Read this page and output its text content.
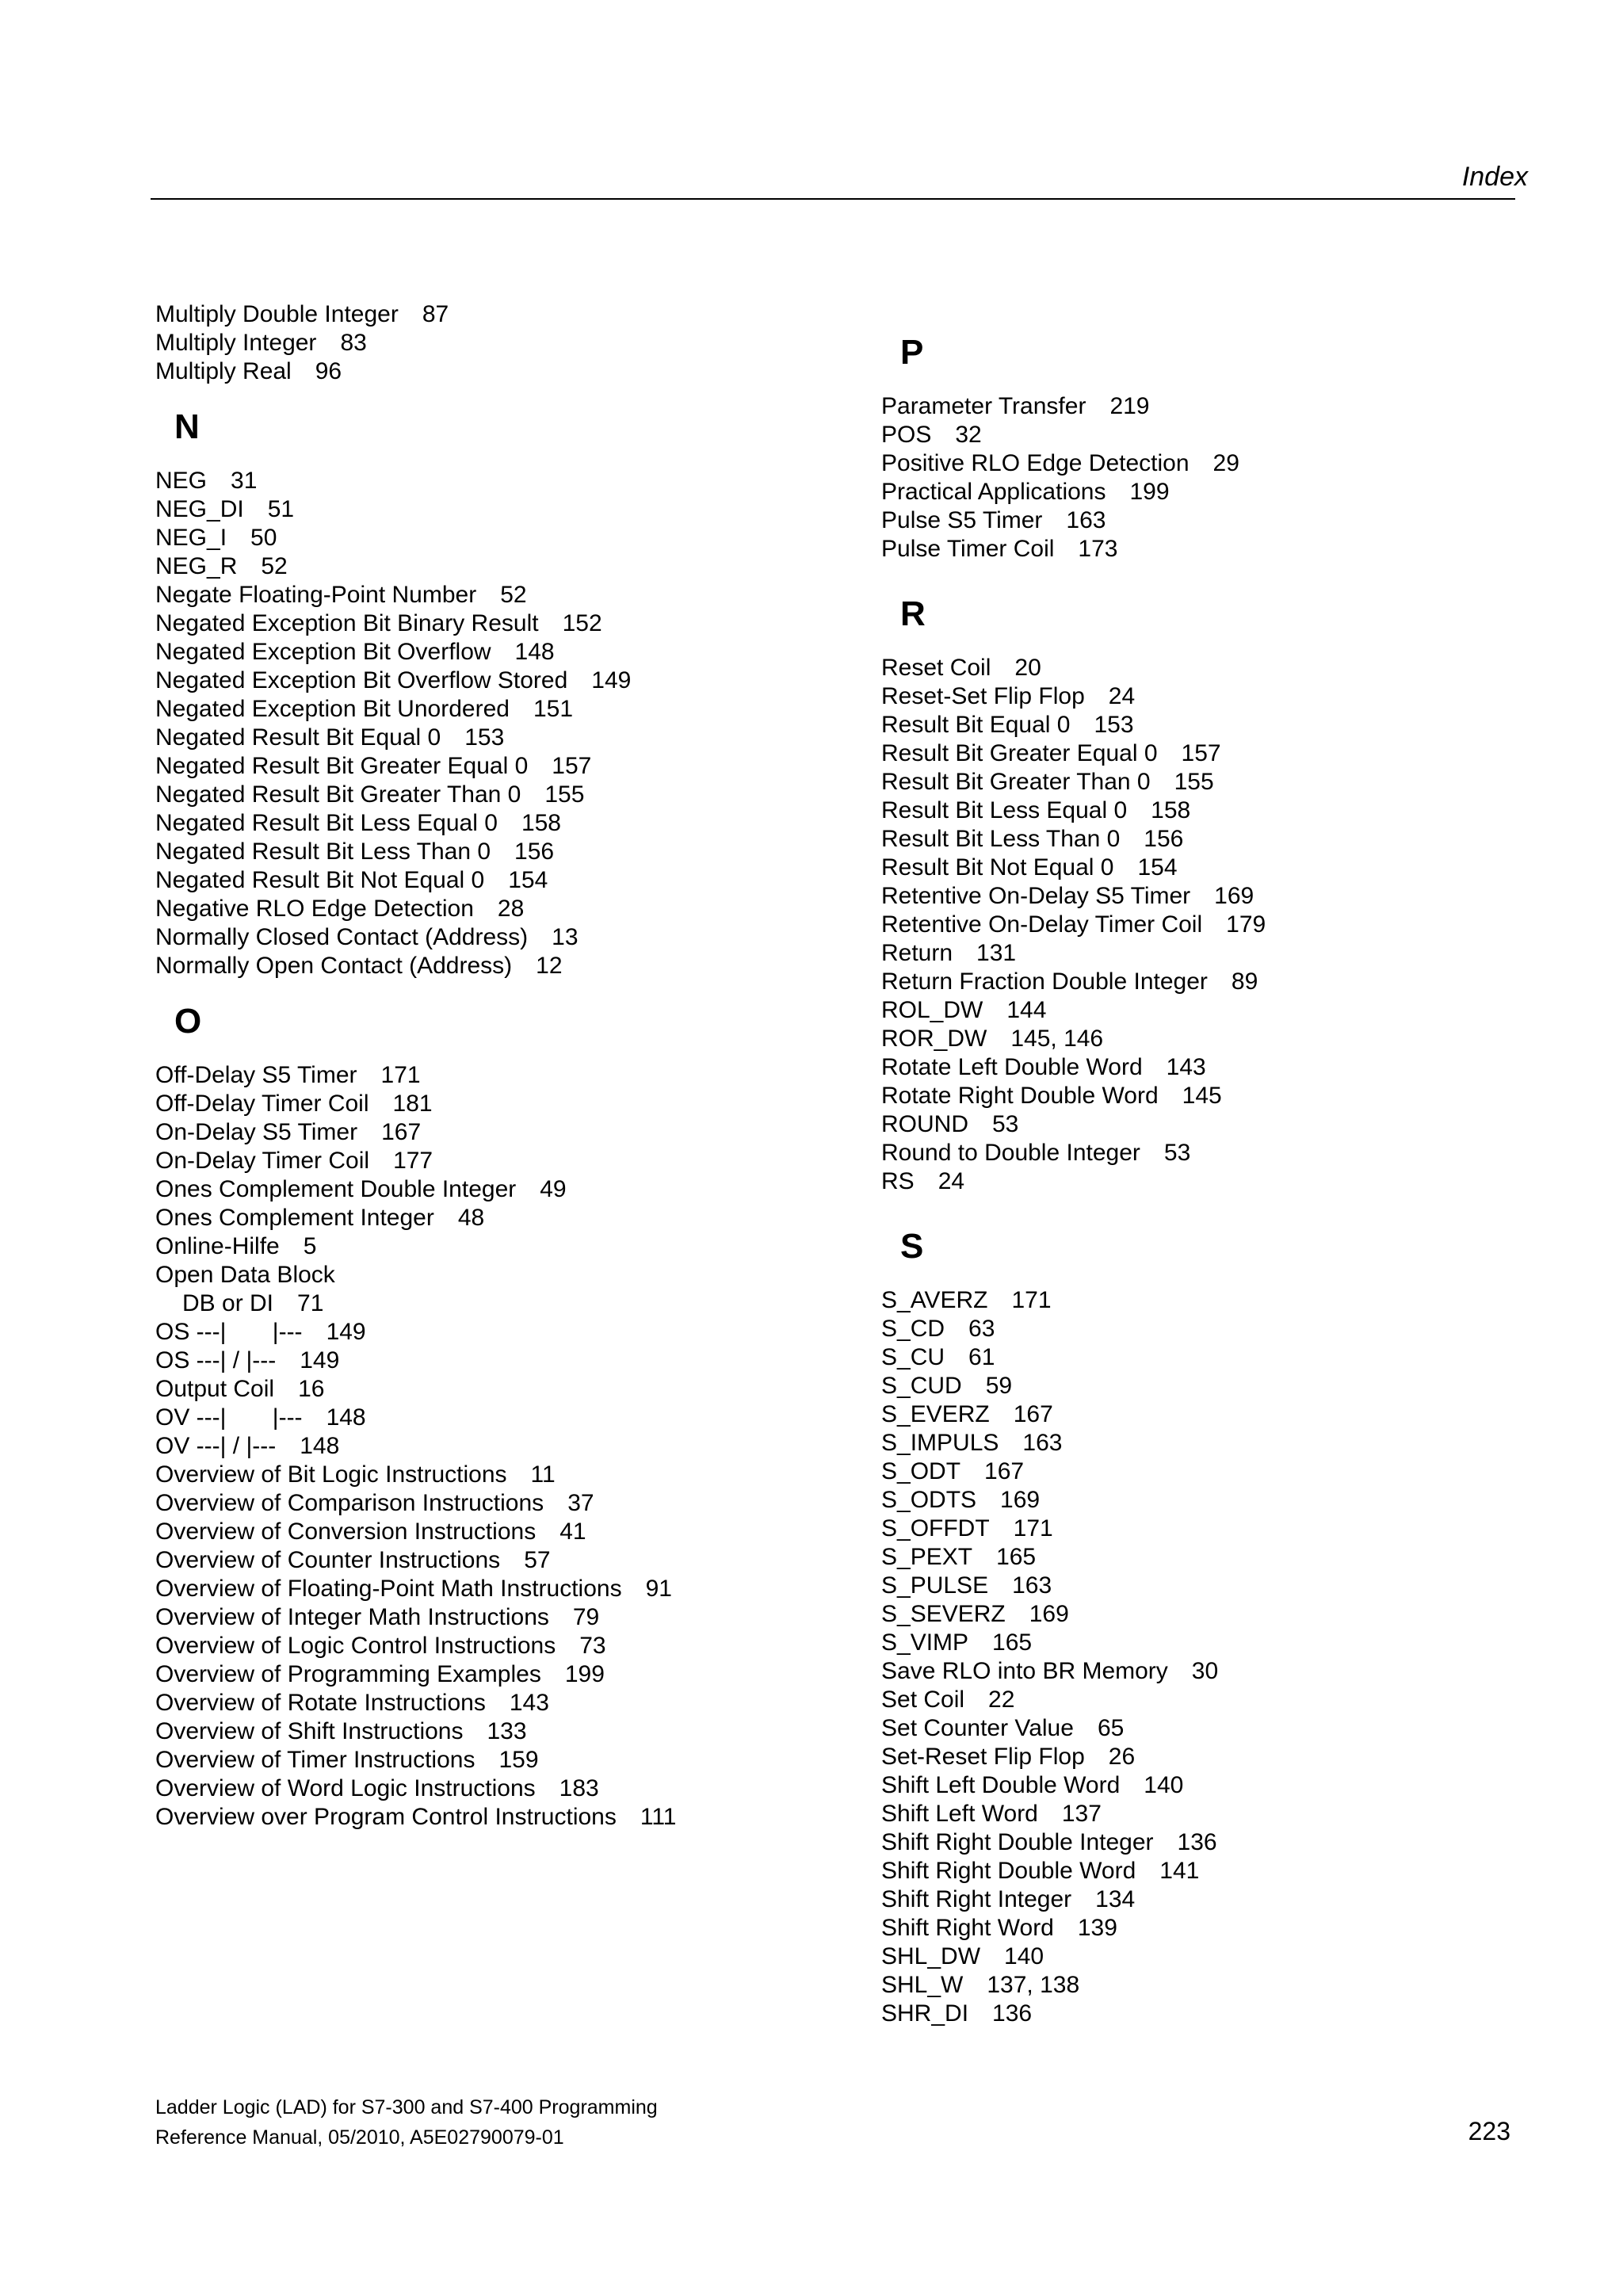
Index
Multiply Double Integer 87
Multiply Integer 83
Multiply Real 96
N
NEG 31
NEG_DI 51
NEG_I 50
NEG_R 52
Negate Floating-Point Number 52
Negated Exception Bit Binary Result 152
Negated Exception Bit Overflow 148
Negated Exception Bit Overflow Stored 149
Negated Exception Bit Unordered 151
Negated Result Bit Equal 0 153
Negated Result Bit Greater Equal 0 157
Negated Result Bit Greater Than 0 155
Negated Result Bit Less Equal 0 158
Negated Result Bit Less Than 0 156
Negated Result Bit Not Equal 0 154
Negative RLO Edge Detection 28
Normally Closed Contact (Address) 13
Normally Open Contact (Address) 12
O
Off-Delay S5 Timer 171
Off-Delay Timer Coil 181
On-Delay S5 Timer 167
On-Delay Timer Coil 177
Ones Complement Double Integer 49
Ones Complement Integer 48
Online-Hilfe 5
Open Data Block
DB or DI 71
OS ---|       |--- 149
OS ---| / |--- 149
Output Coil 16
OV ---|       |--- 148
OV ---| / |--- 148
Overview of Bit Logic Instructions 11
Overview of Comparison Instructions 37
Overview of Conversion Instructions 41
Overview of Counter Instructions 57
Overview of Floating-Point Math Instructions 91
Overview of Integer Math Instructions 79
Overview of Logic Control Instructions 73
Overview of Programming Examples 199
Overview of Rotate Instructions 143
Overview of Shift Instructions 133
Overview of Timer Instructions 159
Overview of Word Logic Instructions 183
Overview over Program Control Instructions 111
P
Parameter Transfer 219
POS 32
Positive RLO Edge Detection 29
Practical Applications 199
Pulse S5 Timer 163
Pulse Timer Coil 173
R
Reset Coil 20
Reset-Set Flip Flop 24
Result Bit Equal 0 153
Result Bit Greater Equal 0 157
Result Bit Greater Than 0 155
Result Bit Less Equal 0 158
Result Bit Less Than 0 156
Result Bit Not Equal 0 154
Retentive On-Delay S5 Timer 169
Retentive On-Delay Timer Coil 179
Return 131
Return Fraction Double Integer 89
ROL_DW 144
ROR_DW 145, 146
Rotate Left Double Word 143
Rotate Right Double Word 145
ROUND 53
Round to Double Integer 53
RS 24
S
S_AVERZ 171
S_CD 63
S_CU 61
S_CUD 59
S_EVERZ 167
S_IMPULS 163
S_ODT 167
S_ODTS 169
S_OFFDT 171
S_PEXT 165
S_PULSE 163
S_SEVERZ 169
S_VIMP 165
Save RLO into BR Memory 30
Set Coil 22
Set Counter Value 65
Set-Reset Flip Flop 26
Shift Left Double Word 140
Shift Left Word 137
Shift Right Double Integer 136
Shift Right Double Word 141
Shift Right Integer 134
Shift Right Word 139
SHL_DW 140
SHL_W 137, 138
SHR_DI 136
Ladder Logic (LAD) for S7-300 and S7-400 Programming
Reference Manual, 05/2010, A5E02790079-01	223
